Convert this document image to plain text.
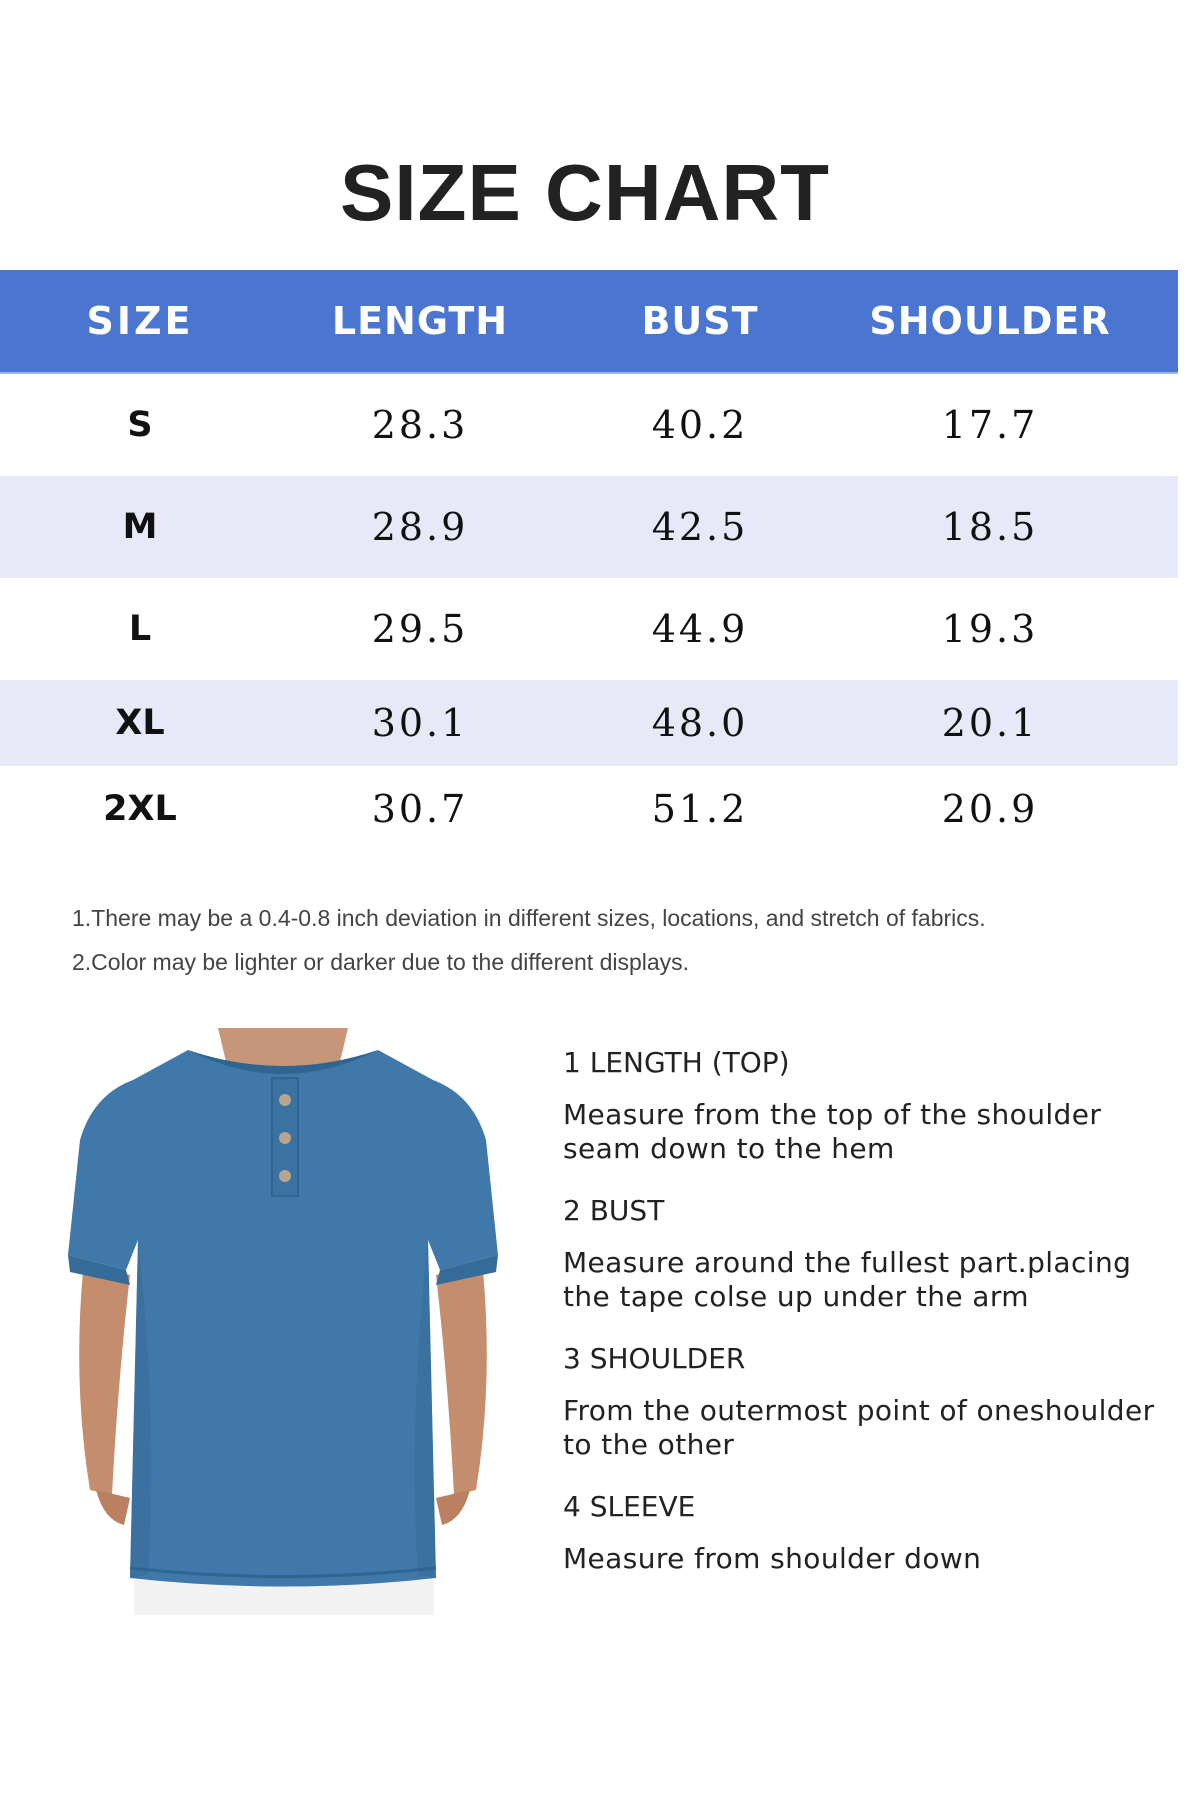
SIZE CHART
SIZE	LENGTH	BUST	SHOULDER
S	28.3	40.2	17.7
M	28.9	42.5	18.5
L	29.5	44.9	19.3
XL	30.1	48.0	20.1
2XL	30.7	51.2	20.9
1.There may be a 0.4-0.8 inch deviation in different sizes, locations, and stretch of fabrics.
2.Color may be lighter or darker due to the different displays.
1 LENGTH (TOP)
Measure from the top of the shoulder
seam down to the hem
2 BUST
Measure around the fullest part.placing
the tape colse up under the arm
3 SHOULDER
From the outermost point of oneshoulder
to the other
4 SLEEVE
Measure from shoulder down
